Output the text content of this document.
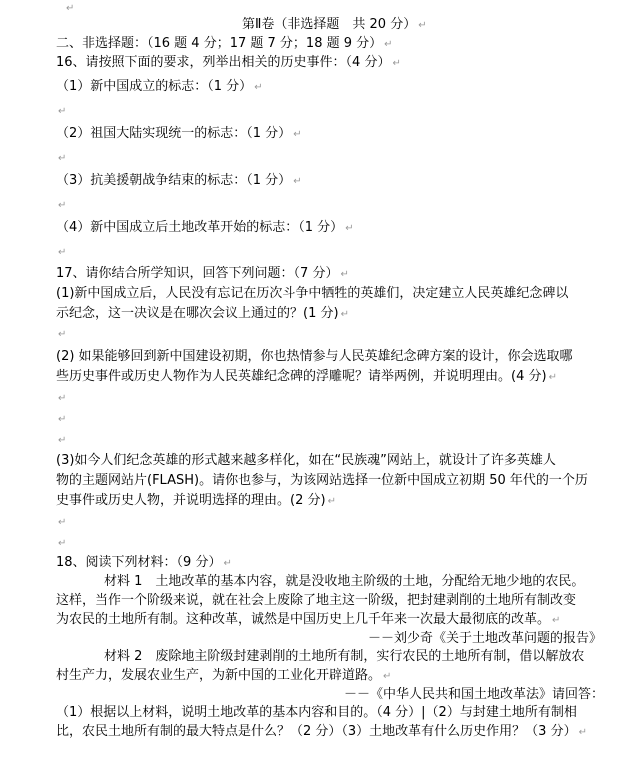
↵
第Ⅱ卷（非选择题　共 20 分） ↵
二、非选择题：（16 题 4 分；17 题 7 分；18 题 9 分） ↵
16、请按照下面的要求，列举出相关的历史事件：（4 分） ↵
（1）新中国成立的标志：（1 分） ↵
↵
（2）祖国大陆实现统一的标志：（1 分） ↵
↵
（3）抗美援朝战争结束的标志：（1 分） ↵
↵
（4）新中国成立后土地改革开始的标志：（1 分） ↵
↵
17、请你结合所学知识，回答下列问题：（7 分） ↵
(1)新中国成立后，人民没有忘记在历次斗争中牺牲的英雄们，决定建立人民英雄纪念碑以
示纪念，这一决议是在哪次会议上通过的？(1 分) ↵
↵
(2) 如果能够回到新中国建设初期，你也热情参与人民英雄纪念碑方案的设计，你会选取哪
些历史事件或历史人物作为人民英雄纪念碑的浮雕呢？请举两例，并说明理由。(4 分) ↵
↵
↵
↵
(3)如今人们纪念英雄的形式越来越多样化，如在“民族魂”网站上，就设计了许多英雄人
物的主题网站片(FLASH)。请你也参与，为该网站选择一位新中国成立初期 50 年代的一个历
史事件或历史人物，并说明选择的理由。(2 分) ↵
↵
↵
18、阅读下列材料：（9 分） ↵
材料 1　土地改革的基本内容，就是没收地主阶级的土地，分配给无地少地的农民。
这样，当作一个阶级来说，就在社会上废除了地主这一阶级，把封建剥削的土地所有制改变
为农民的土地所有制。这种改革，诚然是中国历史上几千年来一次最大最彻底的改革。 ↵
－－刘少奇《关于土地改革问题的报告》
材料 2　废除地主阶级封建剥削的土地所有制，实行农民的土地所有制，借以解放农
村生产力，发展农业生产，为新中国的工业化开辟道路。 ↵
－－《中华人民共和国土地改革法》请回答：
（1）根据以上材料，说明土地改革的基本内容和目的。（4 分）|（2）与封建土地所有制相
比，农民土地所有制的最大特点是什么？（2 分）（3）土地改革有什么历史作用？（3 分） ↵
